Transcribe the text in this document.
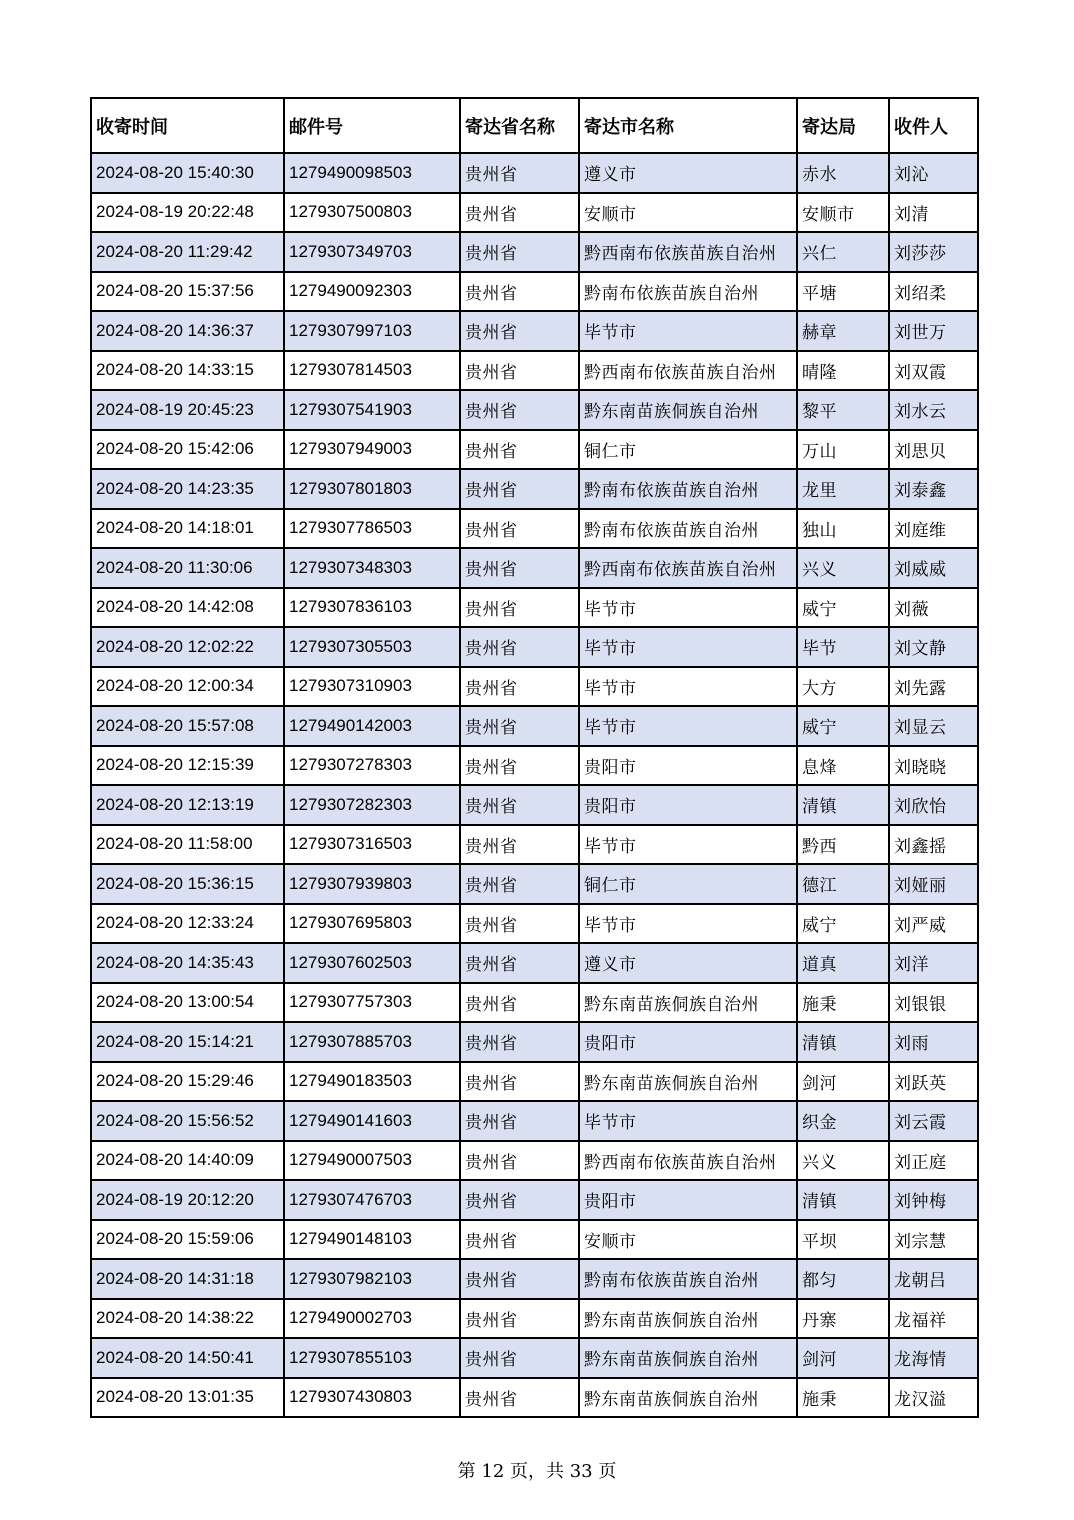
收寄时间	邮件号	寄达省名称	寄达市名称	寄达局	收件人
2024-08-20 15:40:30	1279490098503	贵州省	遵义市	赤水	刘沁
2024-08-19 20:22:48	1279307500803	贵州省	安顺市	安顺市	刘清
2024-08-20 11:29:42	1279307349703	贵州省	黔西南布依族苗族自治州	兴仁	刘莎莎
2024-08-20 15:37:56	1279490092303	贵州省	黔南布依族苗族自治州	平塘	刘绍柔
2024-08-20 14:36:37	1279307997103	贵州省	毕节市	赫章	刘世万
2024-08-20 14:33:15	1279307814503	贵州省	黔西南布依族苗族自治州	晴隆	刘双霞
2024-08-19 20:45:23	1279307541903	贵州省	黔东南苗族侗族自治州	黎平	刘水云
2024-08-20 15:42:06	1279307949003	贵州省	铜仁市	万山	刘思贝
2024-08-20 14:23:35	1279307801803	贵州省	黔南布依族苗族自治州	龙里	刘泰鑫
2024-08-20 14:18:01	1279307786503	贵州省	黔南布依族苗族自治州	独山	刘庭维
2024-08-20 11:30:06	1279307348303	贵州省	黔西南布依族苗族自治州	兴义	刘威威
2024-08-20 14:42:08	1279307836103	贵州省	毕节市	威宁	刘薇
2024-08-20 12:02:22	1279307305503	贵州省	毕节市	毕节	刘文静
2024-08-20 12:00:34	1279307310903	贵州省	毕节市	大方	刘先露
2024-08-20 15:57:08	1279490142003	贵州省	毕节市	威宁	刘显云
2024-08-20 12:15:39	1279307278303	贵州省	贵阳市	息烽	刘晓晓
2024-08-20 12:13:19	1279307282303	贵州省	贵阳市	清镇	刘欣怡
2024-08-20 11:58:00	1279307316503	贵州省	毕节市	黔西	刘鑫摇
2024-08-20 15:36:15	1279307939803	贵州省	铜仁市	德江	刘娅丽
2024-08-20 12:33:24	1279307695803	贵州省	毕节市	威宁	刘严威
2024-08-20 14:35:43	1279307602503	贵州省	遵义市	道真	刘洋
2024-08-20 13:00:54	1279307757303	贵州省	黔东南苗族侗族自治州	施秉	刘银银
2024-08-20 15:14:21	1279307885703	贵州省	贵阳市	清镇	刘雨
2024-08-20 15:29:46	1279490183503	贵州省	黔东南苗族侗族自治州	剑河	刘跃英
2024-08-20 15:56:52	1279490141603	贵州省	毕节市	织金	刘云霞
2024-08-20 14:40:09	1279490007503	贵州省	黔西南布依族苗族自治州	兴义	刘正庭
2024-08-19 20:12:20	1279307476703	贵州省	贵阳市	清镇	刘钟梅
2024-08-20 15:59:06	1279490148103	贵州省	安顺市	平坝	刘宗慧
2024-08-20 14:31:18	1279307982103	贵州省	黔南布依族苗族自治州	都匀	龙朝吕
2024-08-20 14:38:22	1279490002703	贵州省	黔东南苗族侗族自治州	丹寨	龙福祥
2024-08-20 14:50:41	1279307855103	贵州省	黔东南苗族侗族自治州	剑河	龙海情
2024-08-20 13:01:35	1279307430803	贵州省	黔东南苗族侗族自治州	施秉	龙汉溢
第 12 页，共 33 页
